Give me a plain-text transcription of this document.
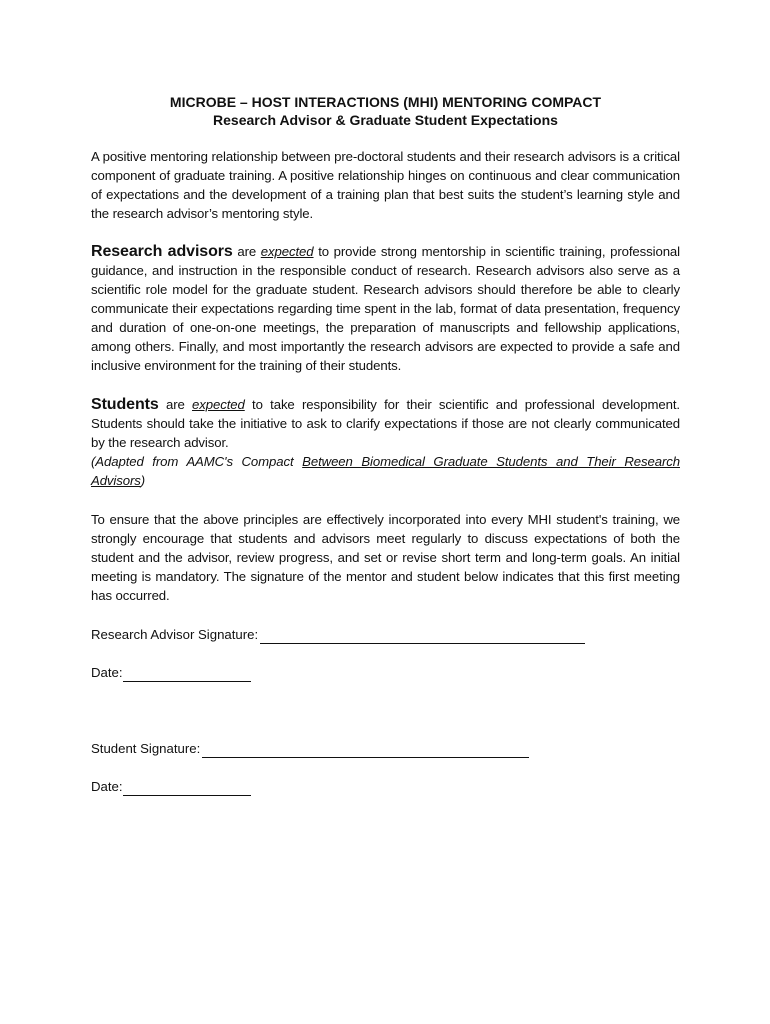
MICROBE – HOST INTERACTIONS (MHI) MENTORING COMPACT
Research Advisor & Graduate Student Expectations

A positive mentoring relationship between pre-doctoral students and their research advisors is a critical component of graduate training. A positive relationship hinges on continuous and clear communication of expectations and the development of a training plan that best suits the student’s learning style and the research advisor’s mentoring style.

Research advisors are expected to provide strong mentorship in scientific training, professional guidance, and instruction in the responsible conduct of research. Research advisors also serve as a scientific role model for the graduate student. Research advisors should therefore be able to clearly communicate their expectations regarding time spent in the lab, format of data presentation, frequency and duration of one-on-one meetings, the preparation of manuscripts and fellowship applications, among others. Finally, and most importantly the research advisors are expected to provide a safe and inclusive environment for the training of their students.

Students are expected to take responsibility for their scientific and professional development. Students should take the initiative to ask to clarify expectations if those are not clearly communicated by the research advisor.

(Adapted from AAMC's Compact Between Biomedical Graduate Students and Their Research Advisors)

To ensure that the above principles are effectively incorporated into every MHI student's training, we strongly encourage that students and advisors meet regularly to discuss expectations of both the student and the advisor, review progress, and set or revise short term and long-term goals. An initial meeting is mandatory. The signature of the mentor and student below indicates that this first meeting has occurred.

Research Advisor Signature:
Date:
Student Signature:
Date:
